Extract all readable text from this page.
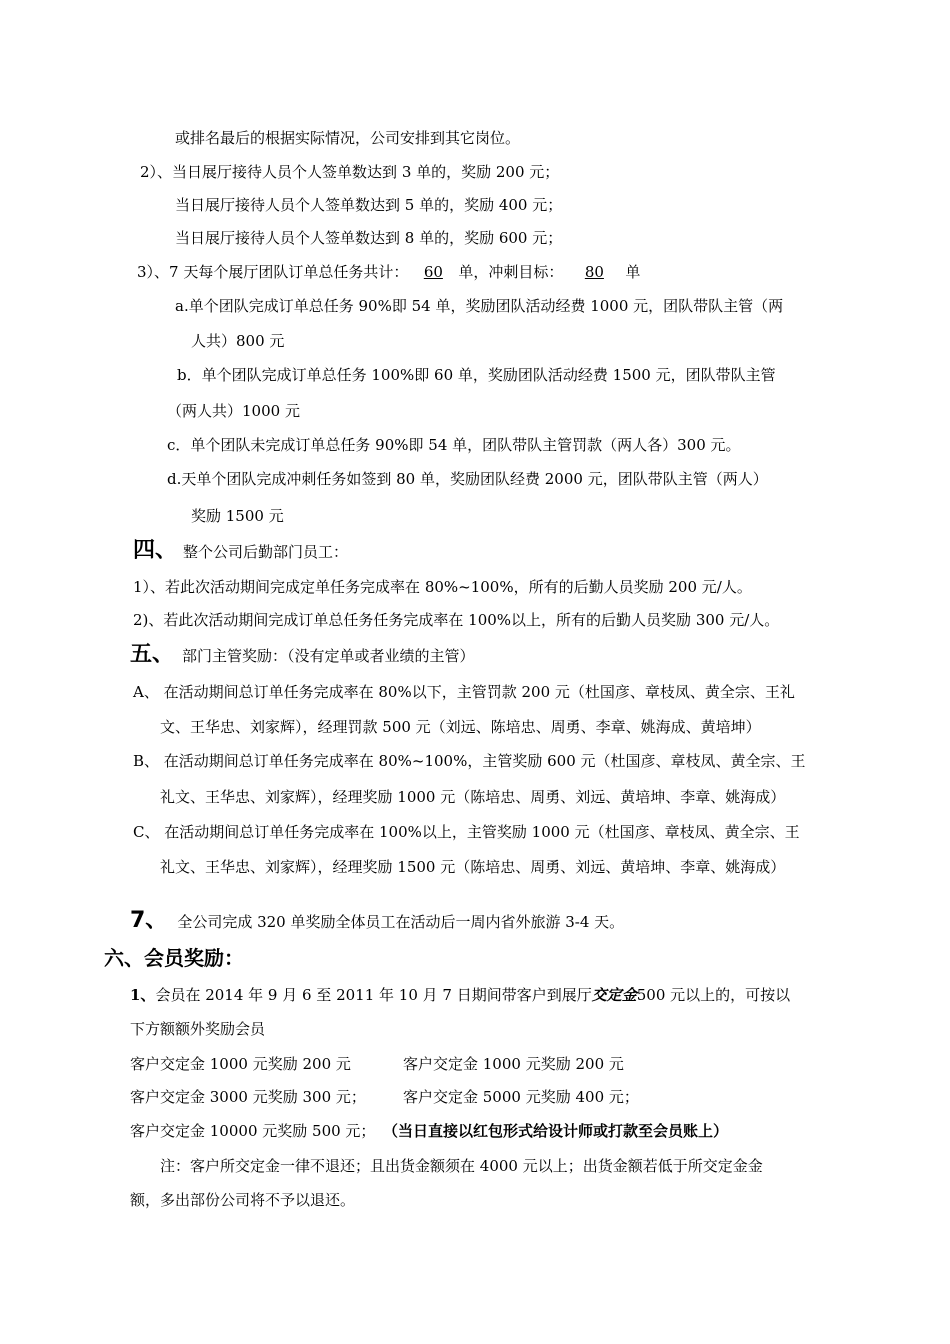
或排名最后的根据实际情况，公司安排到其它岗位。
2）、当日展厅接待人员个人签单数达到 3 单的，奖励 200 元；
当日展厅接待人员个人签单数达到 5 单的，奖励 400 元；
当日展厅接待人员个人签单数达到 8 单的，奖励 600 元；
3）、7 天每个展厅团队订单总任务共计： 60 单，冲刺目标： 80 单
a.单个团队完成订单总任务 90%即 54 单，奖励团队活动经费 1000 元，团队带队主管（两
人共）800 元
b．单个团队完成订单总任务 100%即 60 单，奖励团队活动经费 1500 元，团队带队主管
（两人共）1000 元
c．单个团队未完成订单总任务 90%即 54 单，团队带队主管罚款（两人各）300 元。
d.天单个团队完成冲刺任务如签到 80 单，奖励团队经费 2000 元，团队带队主管（两人）
奖励 1500 元
四、 整个公司后勤部门员工：
1）、若此次活动期间完成定单任务完成率在 80%~100%，所有的后勤人员奖励 200 元/人。
2)、若此次活动期间完成订单总任务任务完成率在 100%以上，所有的后勤人员奖励 300 元/人。
五、 部门主管奖励：（没有定单或者业绩的主管）
A、 在活动期间总订单任务完成率在 80%以下，主管罚款 200 元（杜国彦、章枝凤、黄全宗、王礼
文、王华忠、刘家辉），经理罚款 500 元（刘远、陈培忠、周勇、李章、姚海成、黄培坤）
B、 在活动期间总订单任务完成率在 80%~100%，主管奖励 600 元（杜国彦、章枝凤、黄全宗、王
礼文、王华忠、刘家辉），经理奖励 1000 元（陈培忠、周勇、刘远、黄培坤、李章、姚海成）
C、 在活动期间总订单任务完成率在 100%以上，主管奖励 1000 元（杜国彦、章枝凤、黄全宗、王
礼文、王华忠、刘家辉），经理奖励 1500 元（陈培忠、周勇、刘远、黄培坤、李章、姚海成）
7、 全公司完成 320 单奖励全体员工在活动后一周内省外旅游 3-4 天。
六、会员奖励：
1、会员在 2014 年 9 月 6 至 2011 年 10 月 7 日期间带客户到展厅交定金500 元以上的，可按以
下方额额外奖励会员
客户交定金 1000 元奖励 200 元	客户交定金 1000 元奖励 200 元
客户交定金 3000 元奖励 300 元； 客户交定金 5000 元奖励 400 元；
客户交定金 10000 元奖励 500 元； （当日直接以红包形式给设计师或打款至会员账上）
注：客户所交定金一律不退还；且出货金额须在 4000 元以上；出货金额若低于所交定金金
额，多出部份公司将不予以退还。
